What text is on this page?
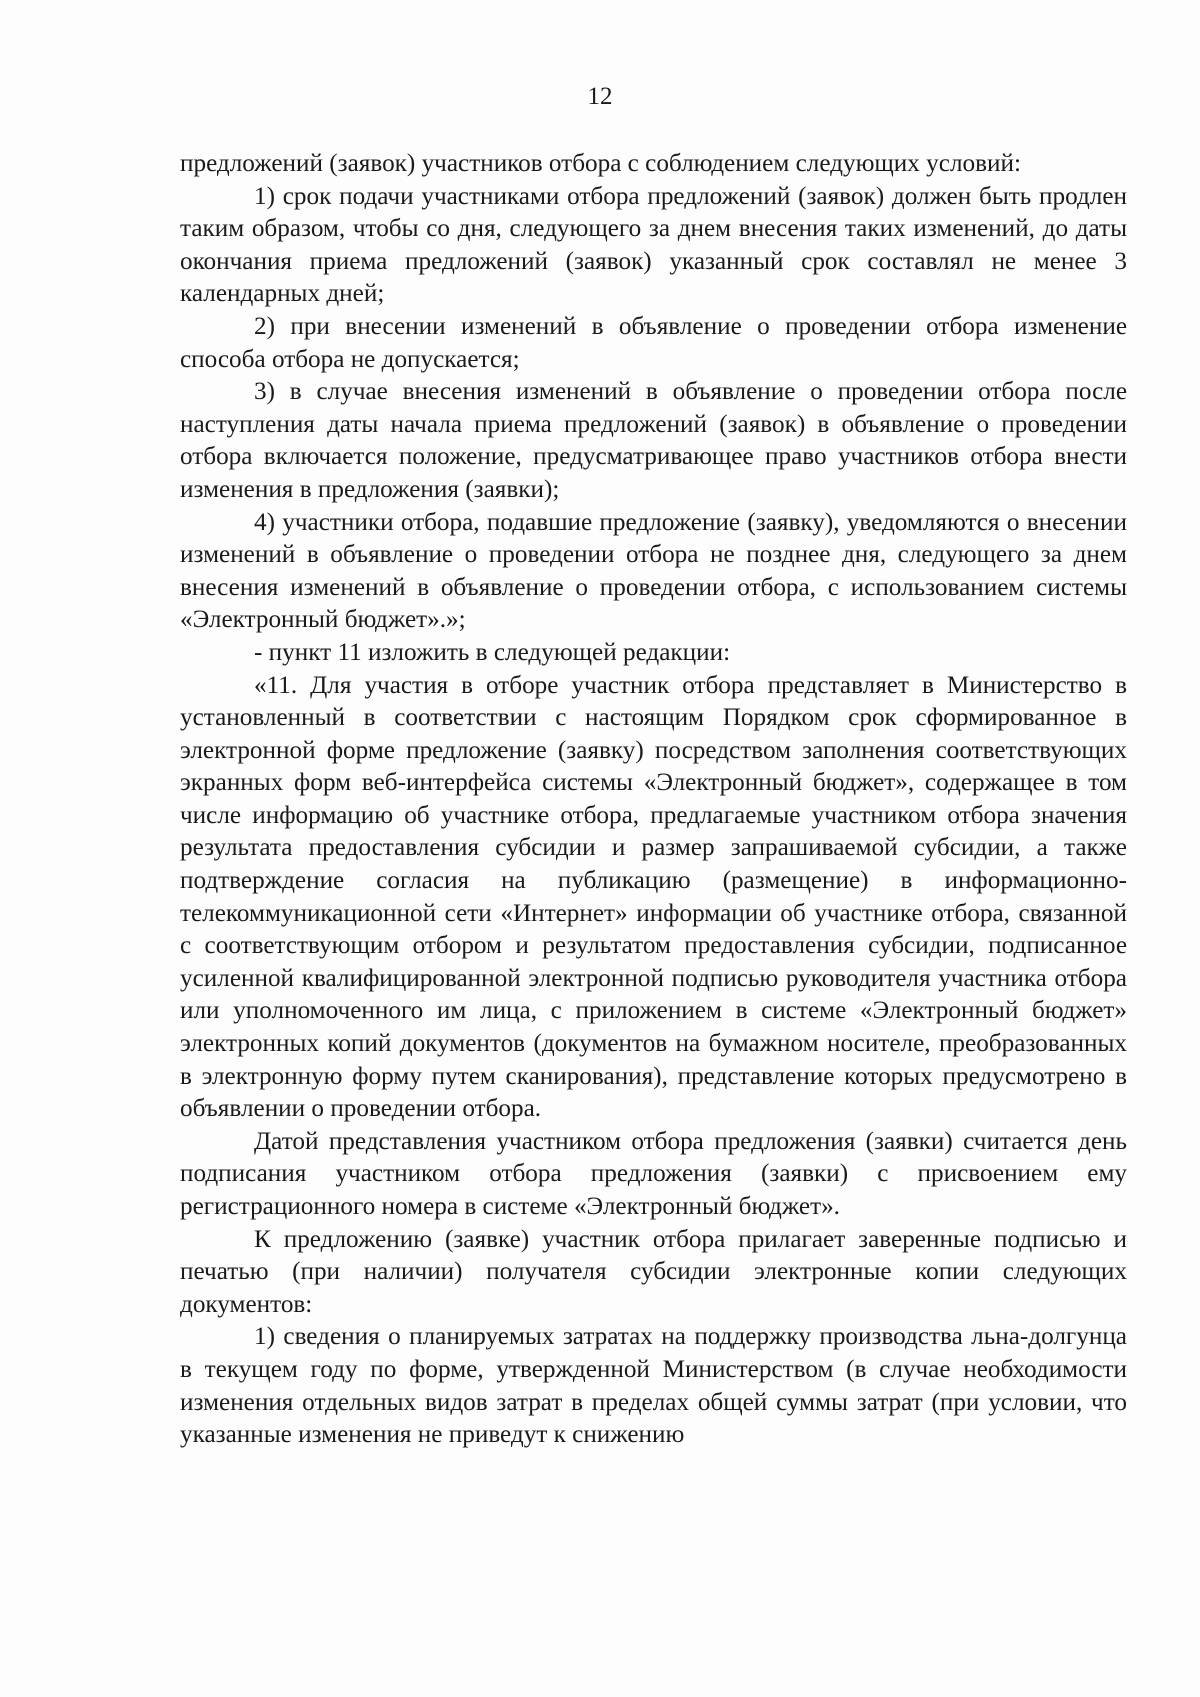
12

предложений (заявок) участников отбора с соблюдением следующих условий:

1) срок подачи участниками отбора предложений (заявок) должен быть продлен таким образом, чтобы со дня, следующего за днем внесения таких изменений, до даты окончания приема предложений (заявок) указанный срок составлял не менее 3 календарных дней;

2) при внесении изменений в объявление о проведении отбора изменение способа отбора не допускается;

3) в случае внесения изменений в объявление о проведении отбора после наступления даты начала приема предложений (заявок) в объявление о проведении отбора включается положение, предусматривающее право участников отбора внести изменения в предложения (заявки);

4) участники отбора, подавшие предложение (заявку), уведомляются о внесении изменений в объявление о проведении отбора не позднее дня, следующего за днем внесения изменений в объявление о проведении отбора, с использованием системы «Электронный бюджет».»;

- пункт 11 изложить в следующей редакции:

«11. Для участия в отборе участник отбора представляет в Министерство в установленный в соответствии с настоящим Порядком срок сформированное в электронной форме предложение (заявку) посредством заполнения соответствующих экранных форм веб-интерфейса системы «Электронный бюджет», содержащее в том числе информацию об участнике отбора, предлагаемые участником отбора значения результата предоставления субсидии и размер запрашиваемой субсидии, а также подтверждение согласия на публикацию (размещение) в информационно-телекоммуникационной сети «Интернет» информации об участнике отбора, связанной с соответствующим отбором и результатом предоставления субсидии, подписанное усиленной квалифицированной электронной подписью руководителя участника отбора или уполномоченного им лица, с приложением в системе «Электронный бюджет» электронных копий документов (документов на бумажном носителе, преобразованных в электронную форму путем сканирования), представление которых предусмотрено в объявлении о проведении отбора.

Датой представления участником отбора предложения (заявки) считается день подписания участником отбора предложения (заявки) с присвоением ему регистрационного номера в системе «Электронный бюджет».

К предложению (заявке) участник отбора прилагает заверенные подписью и печатью (при наличии) получателя субсидии электронные копии следующих документов:

1) сведения о планируемых затратах на поддержку производства льна-долгунца в текущем году по форме, утвержденной Министерством (в случае необходимости изменения отдельных видов затрат в пределах общей суммы затрат (при условии, что указанные изменения не приведут к снижению
